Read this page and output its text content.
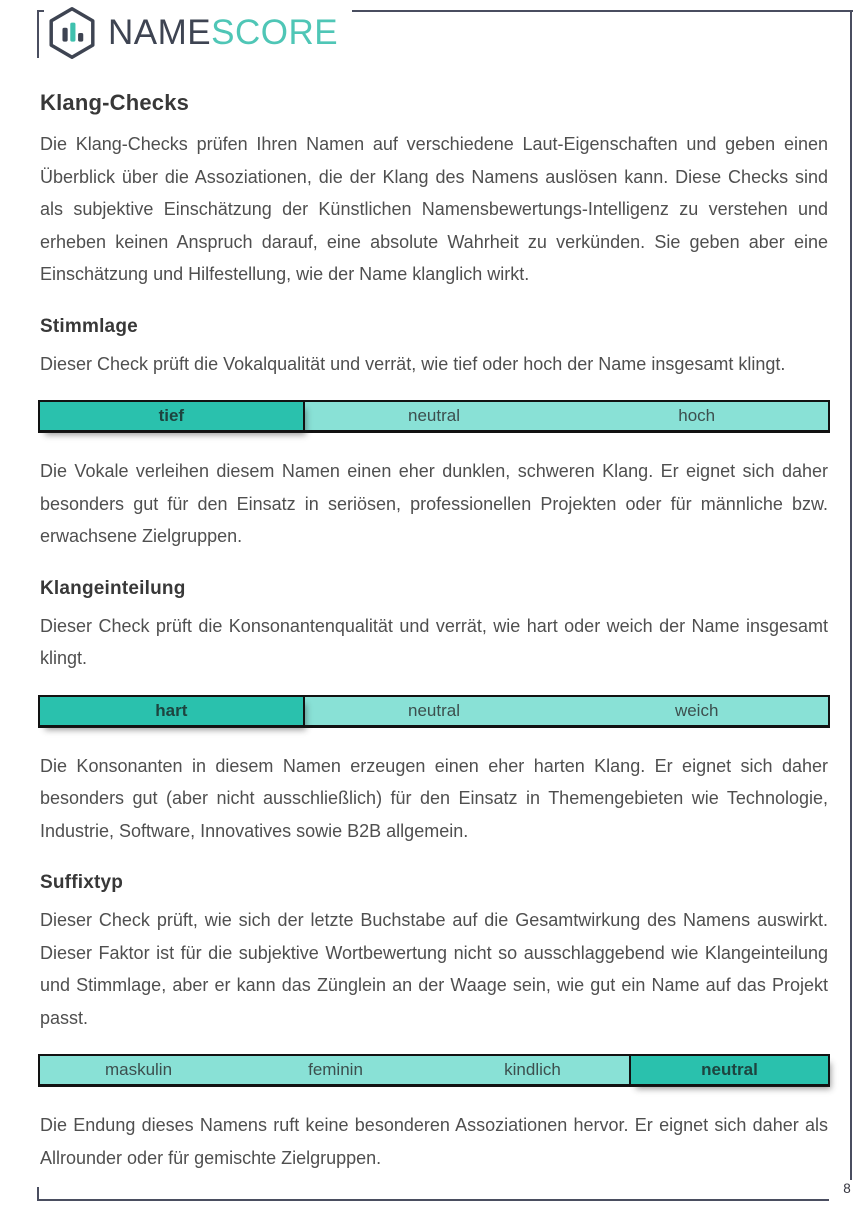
8
NAMESCORE
Klang-Checks

Die Klang-Checks prüfen Ihren Namen auf verschiedene Laut-Eigenschaften und geben einen Überblick über die Assoziationen, die der Klang des Namens auslösen kann. Diese Checks sind als subjektive Einschätzung der Künstlichen Namensbewertungs-Intelligenz zu verstehen und erheben keinen Anspruch darauf, eine absolute Wahrheit zu verkünden. Sie geben aber eine Einschätzung und Hilfestellung, wie der Name klanglich wirkt.

Stimmlage

Dieser Check prüft die Vokalqualität und verrät, wie tief oder hoch der Name insgesamt klingt.

tief	neutral	hoch

Die Vokale verleihen diesem Namen einen eher dunklen, schweren Klang. Er eignet sich daher besonders gut für den Einsatz in seriösen, professionellen Projekten oder für männliche bzw. erwachsene Zielgruppen.

Klangeinteilung

Dieser Check prüft die Konsonantenqualität und verrät, wie hart oder weich der Name insgesamt klingt.

hart	neutral	weich

Die Konsonanten in diesem Namen erzeugen einen eher harten Klang. Er eignet sich daher besonders gut (aber nicht ausschließlich) für den Einsatz in Themengebieten wie Technologie, Industrie, Software, Innovatives sowie B2B allgemein.

Suffixtyp

Dieser Check prüft, wie sich der letzte Buchstabe auf die Gesamtwirkung des Namens auswirkt. Dieser Faktor ist für die subjektive Wortbewertung nicht so ausschlaggebend wie Klangeinteilung und Stimmlage, aber er kann das Zünglein an der Waage sein, wie gut ein Name auf das Projekt passt.

maskulin	feminin	kindlich	neutral

Die Endung dieses Namens ruft keine besonderen Assoziationen hervor. Er eignet sich daher als Allrounder oder für gemischte Zielgruppen.
